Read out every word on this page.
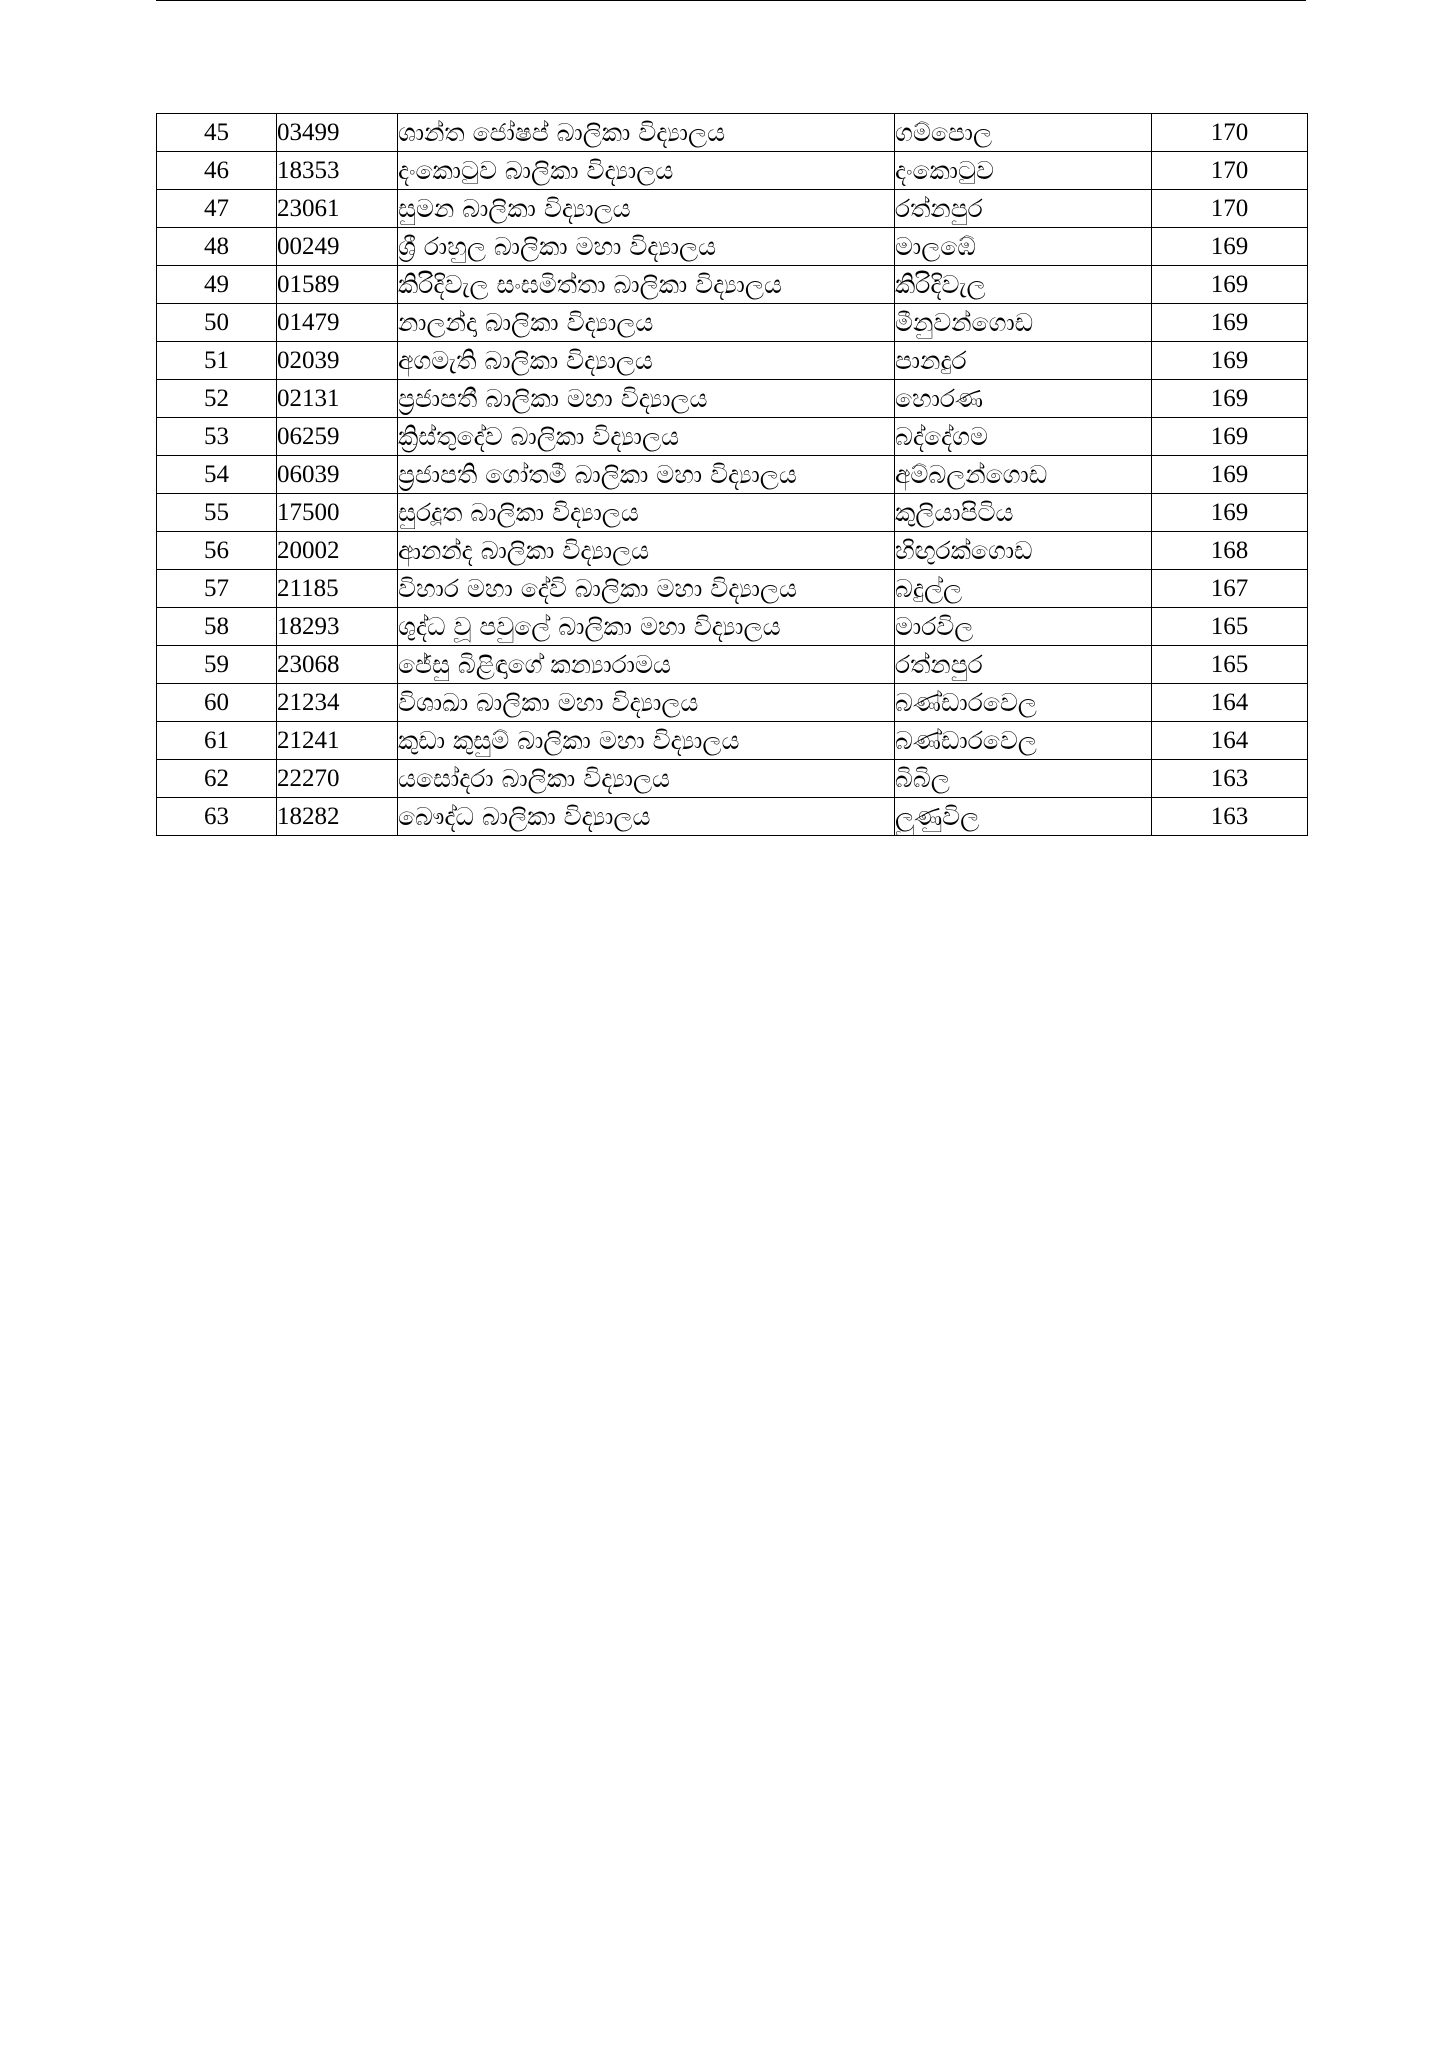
45	03499	ශාන්ත ජෝෂප් බාලිකා විද්‍යාලය	ගම්පොල	170
46	18353	දංකොටුව බාලිකා විද්‍යාලය	දංකොටුව	170
47	23061	සුමන බාලිකා විද්‍යාලය	රත්නපුර	170
48	00249	ශ්‍රී රාහුල බාලිකා මහා විද්‍යාලය	මාලඹේ	169
49	01589	කිරිදිවැල සංඝමිත්තා බාලිකා විද්‍යාලය	කිරිදිවැල	169
50	01479	නාලන්දා බාලිකා විද්‍යාලය	මීනුවන්ගොඩ	169
51	02039	අගමැති බාලිකා විද්‍යාලය	පානදුර	169
52	02131	ප්‍රජාපතී බාලිකා මහා විද්‍යාලය	හොරණ	169
53	06259	ක්‍රිස්තුදේව බාලිකා විද්‍යාලය	බද්දේගම	169
54	06039	ප්‍රජාපති ගෝතමී බාලිකා මහා විද්‍යාලය	අම්බලන්ගොඩ	169
55	17500	සුරදූත බාලිකා විද්‍යාලය	කුලියාපිටිය	169
56	20002	ආනන්ද බාලිකා විද්‍යාලය	හිඟුරක්ගොඩ	168
57	21185	විහාර මහා දේවි බාලිකා මහා විද්‍යාලය	බදුල්ල	167
58	18293	ශුද්ධ වූ පවුලේ බාලිකා මහා විද්‍යාලය	මාරවිල	165
59	23068	ජේසු බිළිඳාගේ කන්‍යාරාමය	රත්නපුර	165
60	21234	විශාඛා බාලිකා මහා විද්‍යාලය	බණ්ඩාරවෙල	164
61	21241	කුඩා කුසුම් බාලිකා මහා විද්‍යාලය	බණ්ඩාරවෙල	164
62	22270	යසෝදරා බාලිකා විද්‍යාලය	බිබිල	163
63	18282	බෞද්ධ බාලිකා විද්‍යාලය	ලුණුවිල	163
